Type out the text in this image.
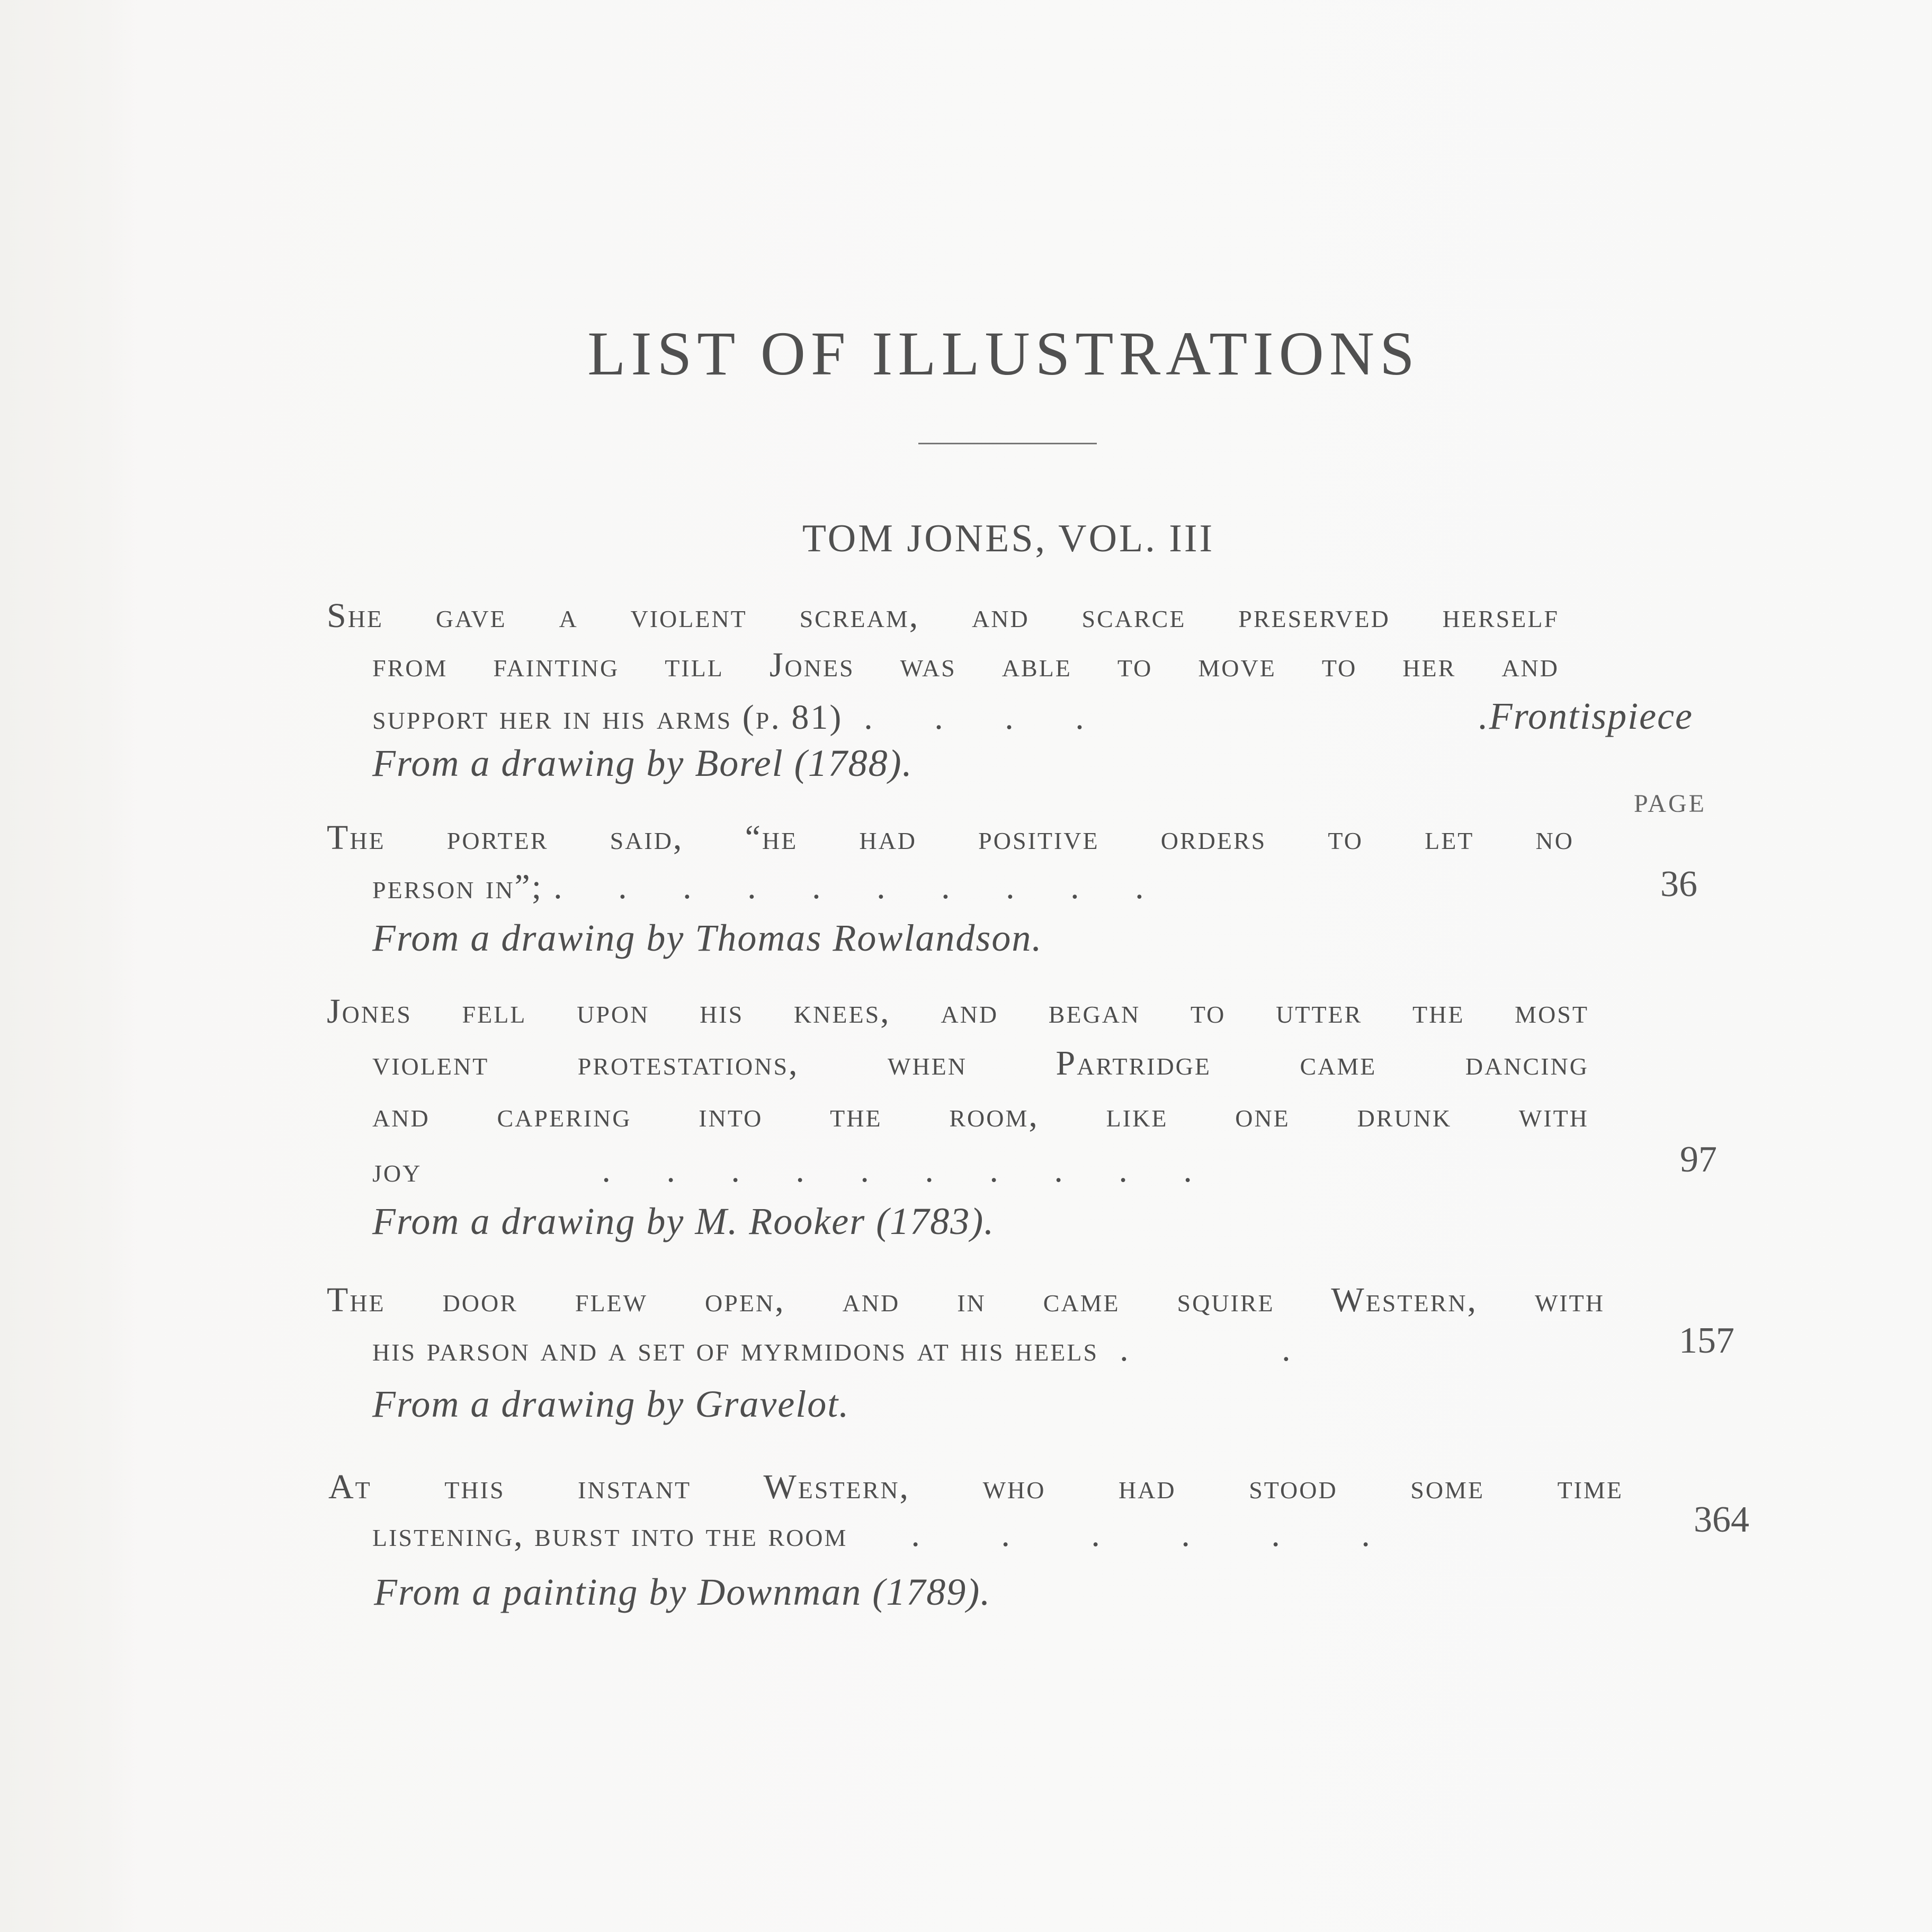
LIST OF ILLUSTRATIONS
TOM JONES, VOL. III
PAGE
She gave a violent scream, and scarce preserved herself
from fainting till Jones was able to move to her and
support her in his arms (p. 81) . . . .	.Frontispiece
From a drawing by Borel (1788).
The porter said, “he had positive orders to let no
person in”; .   .   .   .   .   .   .   .   .   .	36
From a drawing by Thomas Rowlandson.
Jones fell upon his knees, and began to utter the most
violent protestations, when Partridge came dancing
and capering into the room, like one drunk with
joy	.   .   .   .   .   .   .   .   .   .	97
From a drawing by M. Rooker (1783).
The door flew open, and in came squire Western, with
his parson and a set of myrmidons at his heels .   .	157
From a drawing by Gravelot.
At this instant Western, who had stood some time
listening, burst into the room	.   .   .   .   .   .	364
From a painting by Downman (1789).
